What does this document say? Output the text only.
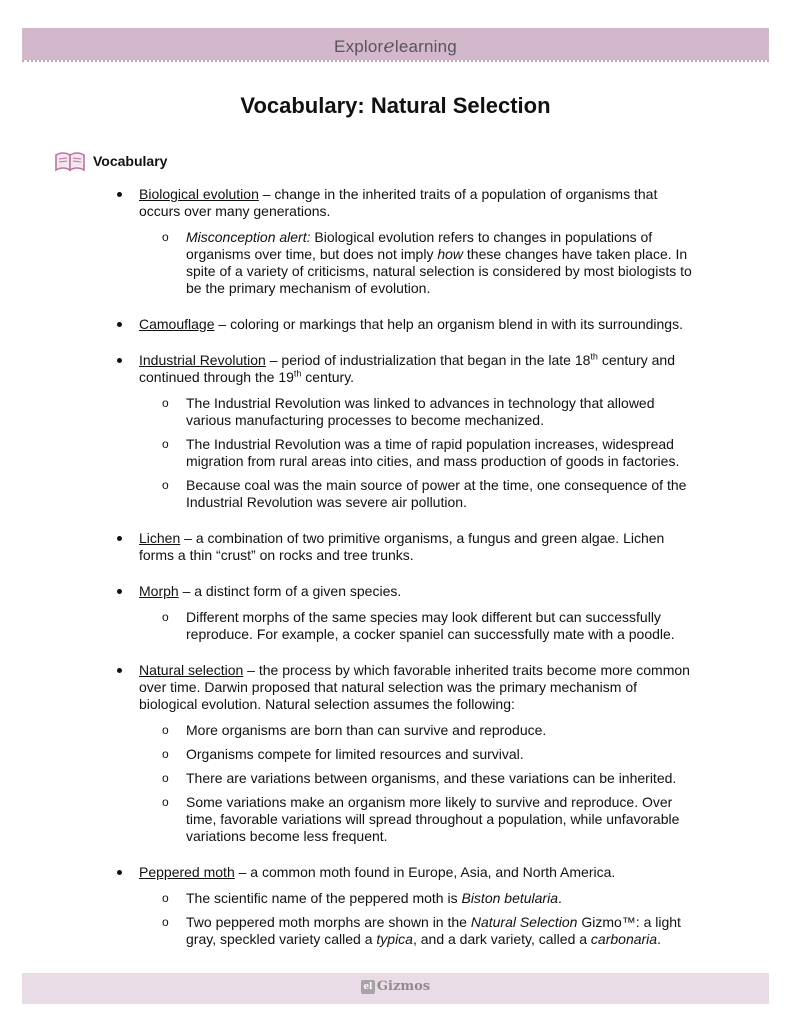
Explorelearning
Vocabulary: Natural Selection
Vocabulary
Biological evolution – change in the inherited traits of a population of organisms that occurs over many generations.
o Misconception alert: Biological evolution refers to changes in populations of organisms over time, but does not imply how these changes have taken place. In spite of a variety of criticisms, natural selection is considered by most biologists to be the primary mechanism of evolution.
Camouflage – coloring or markings that help an organism blend in with its surroundings.
Industrial Revolution – period of industrialization that began in the late 18th century and continued through the 19th century.
o The Industrial Revolution was linked to advances in technology that allowed various manufacturing processes to become mechanized.
o The Industrial Revolution was a time of rapid population increases, widespread migration from rural areas into cities, and mass production of goods in factories.
o Because coal was the main source of power at the time, one consequence of the Industrial Revolution was severe air pollution.
Lichen – a combination of two primitive organisms, a fungus and green algae. Lichen forms a thin “crust” on rocks and tree trunks.
Morph – a distinct form of a given species.
o Different morphs of the same species may look different but can successfully reproduce. For example, a cocker spaniel can successfully mate with a poodle.
Natural selection – the process by which favorable inherited traits become more common over time. Darwin proposed that natural selection was the primary mechanism of biological evolution. Natural selection assumes the following:
o More organisms are born than can survive and reproduce.
o Organisms compete for limited resources and survival.
o There are variations between organisms, and these variations can be inherited.
o Some variations make an organism more likely to survive and reproduce. Over time, favorable variations will spread throughout a population, while unfavorable variations become less frequent.
Peppered moth – a common moth found in Europe, Asia, and North America.
o The scientific name of the peppered moth is Biston betularia.
o Two peppered moth morphs are shown in the Natural Selection Gizmo™: a light gray, speckled variety called a typica, and a dark variety, called a carbonaria.
el Gizmos
